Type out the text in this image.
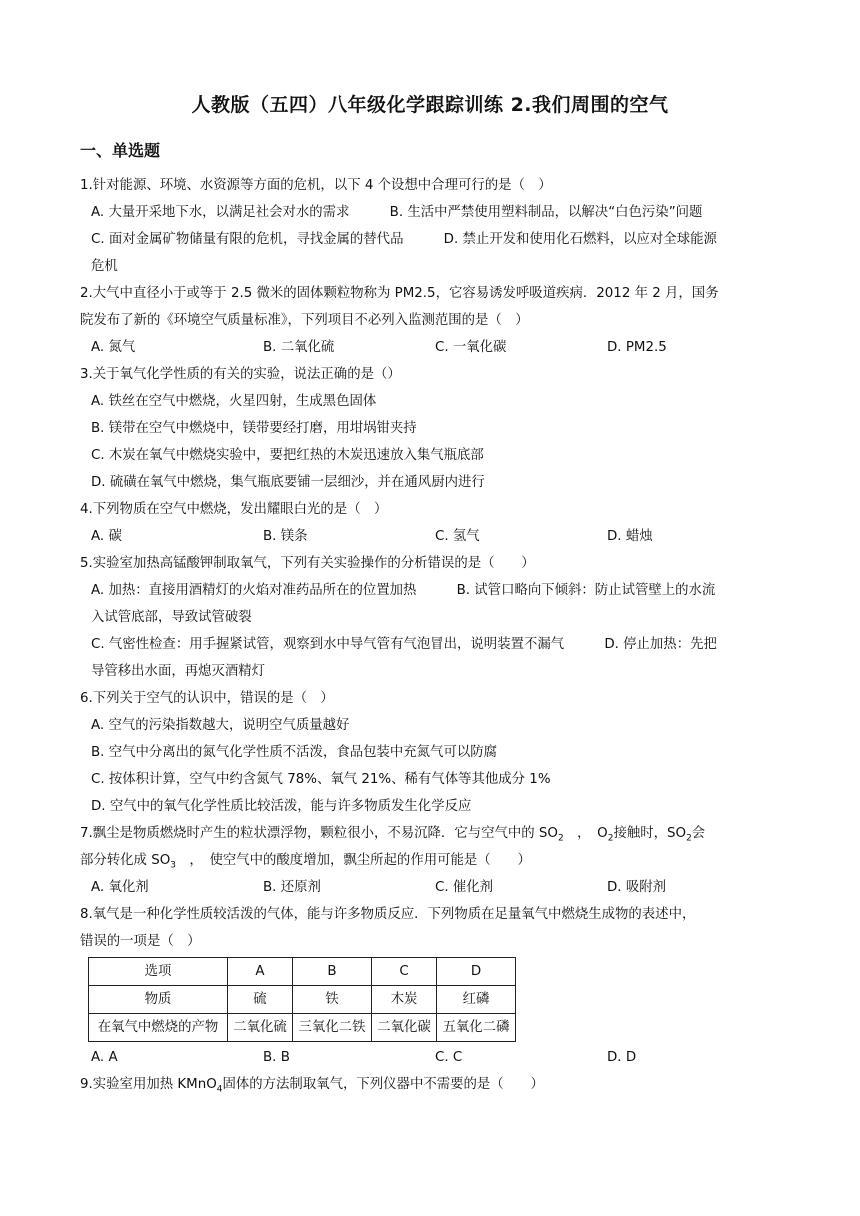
人教版（五四）八年级化学跟踪训练 2.我们周围的空气
一、单选题
1.针对能源、环境、水资源等方面的危机，以下 4 个设想中合理可行的是（　）
A. 大量开采地下水，以满足社会对水的需求　　　B. 生活中严禁使用塑料制品，以解决“白色污染”问题
C. 面对金属矿物储量有限的危机，寻找金属的替代品　　　D. 禁止开发和使用化石燃料，以应对全球能源
危机
2.大气中直径小于或等于 2.5 微米的固体颗粒物称为 PM2.5，它容易诱发呼吸道疾病．2012 年 2 月，国务
院发布了新的《环境空气质量标准》，下列项目不必列入监测范围的是（　）
A. 氮气	B. 二氧化硫	C. 一氧化碳	D. PM2.5
3.关于氧气化学性质的有关的实验，说法正确的是（）
A. 铁丝在空气中燃烧，火星四射，生成黑色固体
B. 镁带在空气中燃烧中，镁带要经打磨，用坩埚钳夹持
C. 木炭在氧气中燃烧实验中，要把红热的木炭迅速放入集气瓶底部
D. 硫磺在氧气中燃烧，集气瓶底要铺一层细沙，并在通风厨内进行
4.下列物质在空气中燃烧，发出耀眼白光的是（　）
A. 碳	B. 镁条	C. 氢气	D. 蜡烛
5.实验室加热高锰酸钾制取氧气，下列有关实验操作的分析错误的是（　　）
A. 加热：直接用酒精灯的火焰对准药品所在的位置加热　　　B. 试管口略向下倾斜：防止试管壁上的水流
入试管底部，导致试管破裂
C. 气密性检查：用手握紧试管，观察到水中导气管有气泡冒出，说明装置不漏气　　　D. 停止加热：先把
导管移出水面，再熄灭酒精灯
6.下列关于空气的认识中，错误的是（　）
A. 空气的污染指数越大，说明空气质量越好
B. 空气中分离出的氮气化学性质不活泼，食品包装中充氮气可以防腐
C. 按体积计算，空气中约含氮气 78%、氧气 21%、稀有气体等其他成分 1%
D. 空气中的氧气化学性质比较活泼，能与许多物质发生化学反应
7.飘尘是物质燃烧时产生的粒状漂浮物，颗粒很小，不易沉降．它与空气中的 $SO_2$　，　$O_2$接触时，$SO_2$会
部分转化成 $SO_3$　，　使空气中的酸度增加，飘尘所起的作用可能是（　　）
A. 氧化剂	B. 还原剂	C. 催化剂	D. 吸附剂
8.氧气是一种化学性质较活泼的气体，能与许多物质反应．下列物质在足量氧气中燃烧生成物的表述中，
错误的一项是（　）
选项	A	B	C	D
物质	硫	铁	木炭	红磷
在氧气中燃烧的产物	二氧化硫	三氧化二铁	二氧化碳	五氧化二磷
A. A	B. B	C. C	D. D
9.实验室用加热 KMnO$_4$固体的方法制取氧气，下列仪器中不需要的是（　　）
